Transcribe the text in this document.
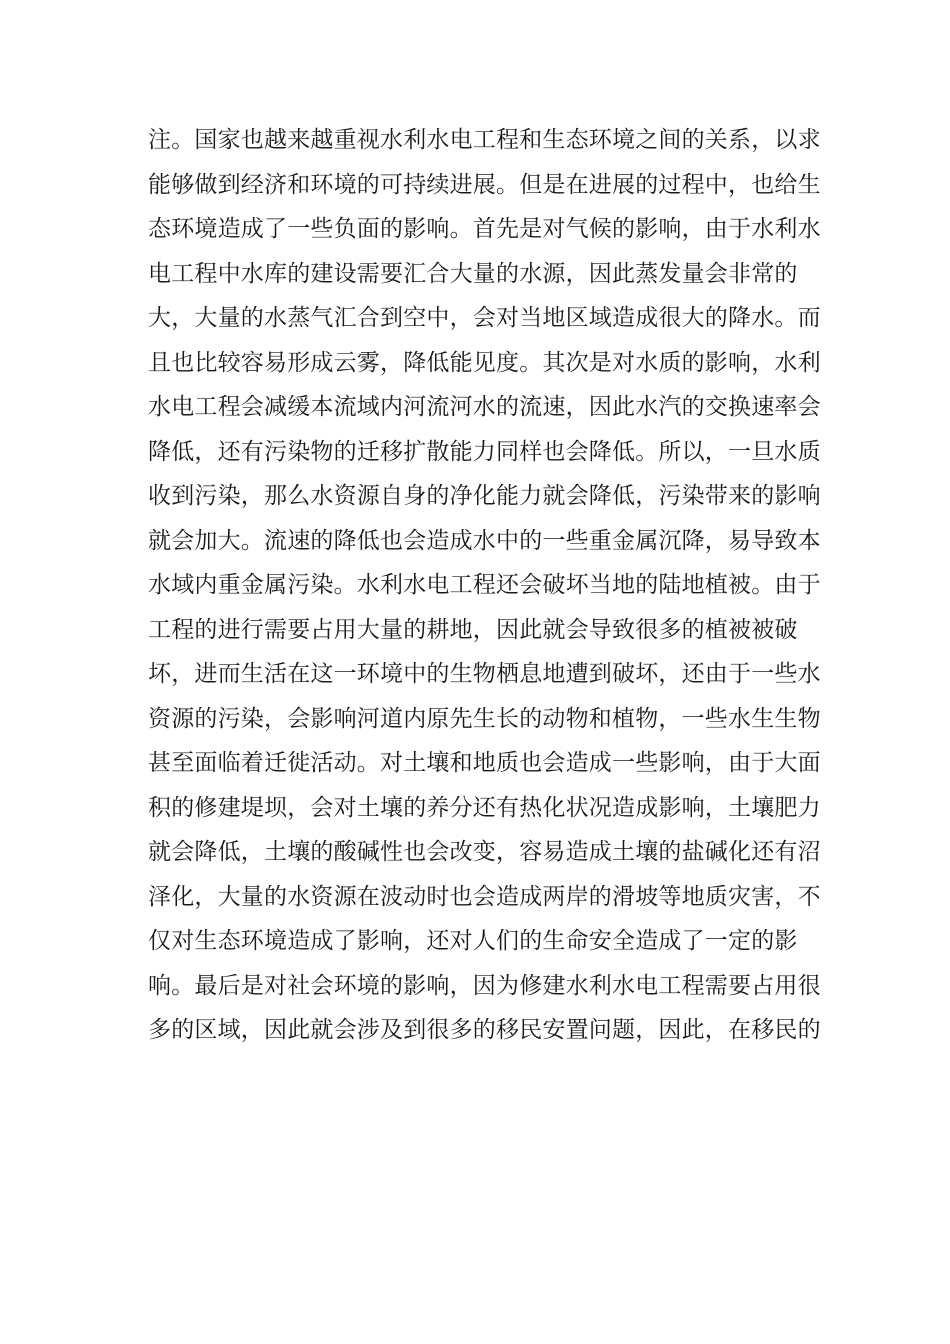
注。国家也越来越重视水利水电工程和生态环境之间的关系，以求
能够做到经济和环境的可持续进展。但是在进展的过程中，也给生
态环境造成了一些负面的影响。首先是对气候的影响，由于水利水
电工程中水库的建设需要汇合大量的水源，因此蒸发量会非常的
大，大量的水蒸气汇合到空中，会对当地区域造成很大的降水。而
且也比较容易形成云雾，降低能见度。其次是对水质的影响，水利
水电工程会减缓本流域内河流河水的流速，因此水汽的交换速率会
降低，还有污染物的迁移扩散能力同样也会降低。所以，一旦水质
收到污染，那么水资源自身的净化能力就会降低，污染带来的影响
就会加大。流速的降低也会造成水中的一些重金属沉降，易导致本
水域内重金属污染。水利水电工程还会破坏当地的陆地植被。由于
工程的进行需要占用大量的耕地，因此就会导致很多的植被被破
坏，进而生活在这一环境中的生物栖息地遭到破坏，还由于一些水
资源的污染，会影响河道内原先生长的动物和植物，一些水生生物
甚至面临着迁徙活动。对土壤和地质也会造成一些影响，由于大面
积的修建堤坝，会对土壤的养分还有热化状况造成影响，土壤肥力
就会降低，土壤的酸碱性也会改变，容易造成土壤的盐碱化还有沼
泽化，大量的水资源在波动时也会造成两岸的滑坡等地质灾害，不
仅对生态环境造成了影响，还对人们的生命安全造成了一定的影
响。最后是对社会环境的影响，因为修建水利水电工程需要占用很
多的区域，因此就会涉及到很多的移民安置问题，因此，在移民的
